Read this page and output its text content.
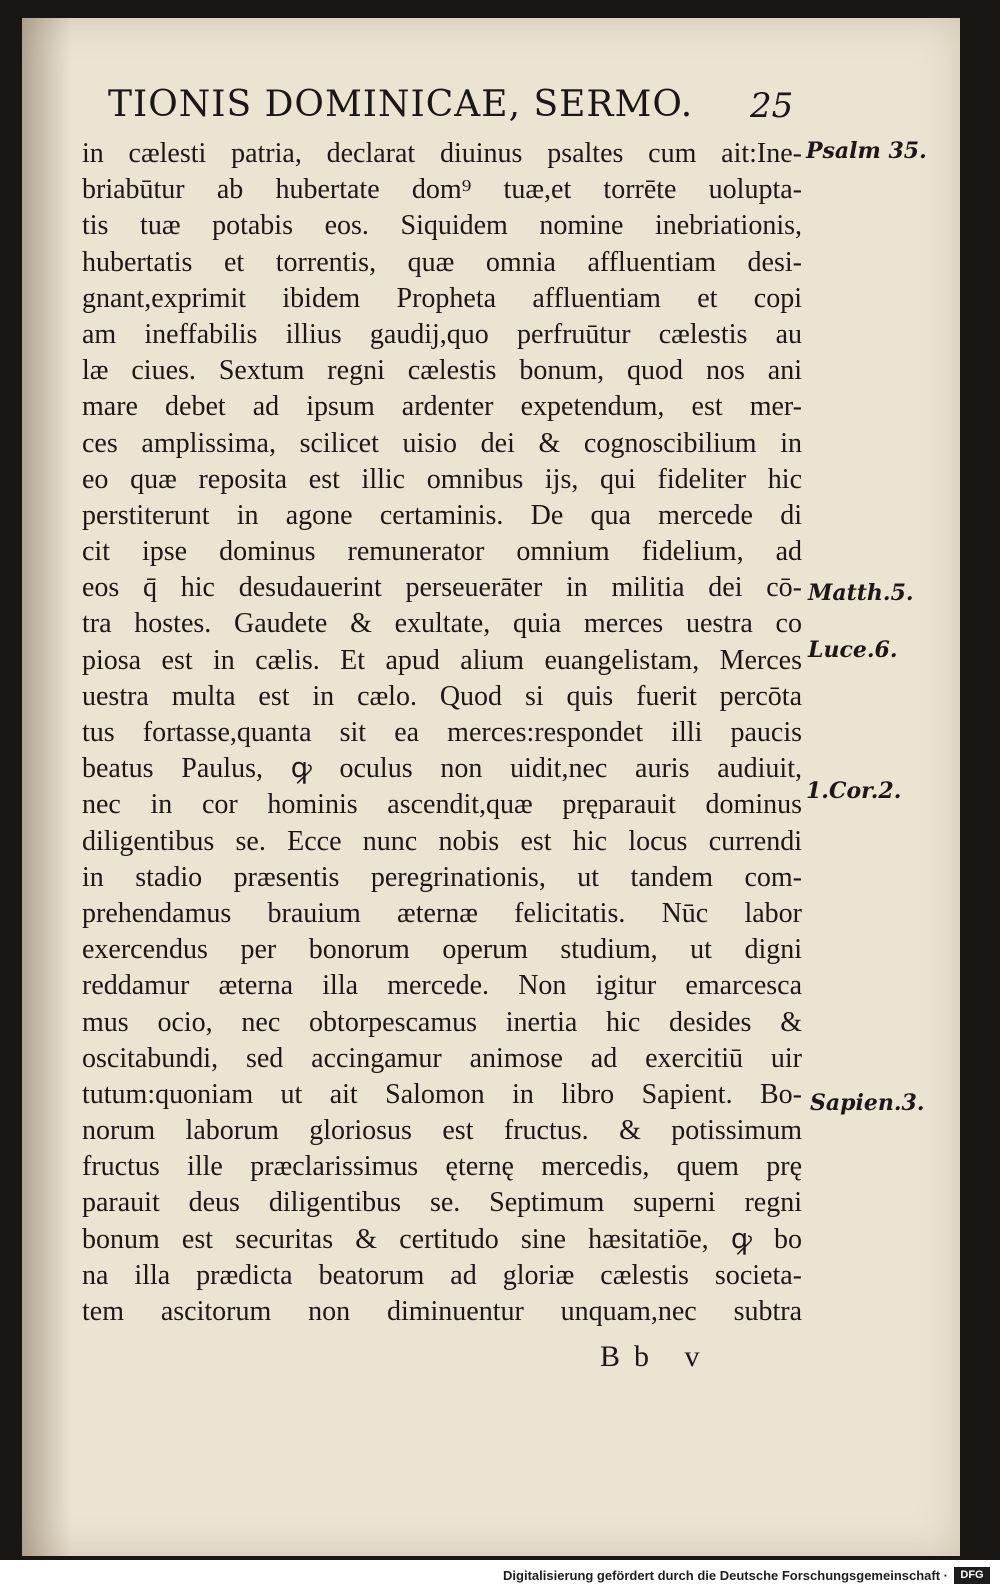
TIONIS DOMINICAE, SERMO.	25
in cælesti patria, declarat diuinus psaltes cum ait:Ine-
briabūtur ab hubertate dom⁹ tuæ,et torrēte uolupta-
tis tuæ potabis eos. Siquidem nomine inebriationis,
hubertatis et torrentis, quæ omnia affluentiam desi-
gnant,exprimit ibidem Propheta affluentiam et copi
am ineffabilis illius gaudij,quo perfruūtur cælestis au
læ ciues. Sextum regni cælestis bonum, quod nos ani
mare debet ad ipsum ardenter expetendum, est mer-
ces amplissima, scilicet uisio dei & cognoscibilium in
eo quæ reposita est illic omnibus ijs, qui fideliter hic
perstiterunt in agone certaminis. De qua mercede di
cit ipse dominus remunerator omnium fidelium, ad
eos q̄ hic desudauerint perseuerāter in militia dei cō-
tra hostes. Gaudete & exultate, quia merces uestra co
piosa est in cælis. Et apud alium euangelistam, Merces
uestra multa est in cælo. Quod si quis fuerit percōta
tus fortasse,quanta sit ea merces:respondet illi paucis
beatus Paulus, ꝙ oculus non uidit,nec auris audiuit,
nec in cor hominis ascendit,quæ pręparauit dominus
diligentibus se. Ecce nunc nobis est hic locus currendi
in stadio præsentis peregrinationis, ut tandem com-
prehendamus brauium æternæ felicitatis. Nūc labor
exercendus per bonorum operum studium, ut digni
reddamur æterna illa mercede. Non igitur emarcesca
mus ocio, nec obtorpescamus inertia hic desides &
oscitabundi, sed accingamur animose ad exercitiū uir
tutum:quoniam ut ait Salomon in libro Sapient. Bo-
norum laborum gloriosus est fructus. & potissimum
fructus ille præclarissimus ęternę mercedis, quem prę
parauit deus diligentibus se. Septimum superni regni
bonum est securitas & certitudo sine hæsitatiōe, ꝙ bo
na illa prædicta beatorum ad gloriæ cælestis societa-
tem ascitorum non diminuentur unquam,nec subtra
Psalm 35.
Matth.5.
Luce.6.
1.Cor.2.
Sapien.3.
Bb v
Digitalisierung gefördert durch die Deutsche Forschungsgemeinschaft ·	DFG
